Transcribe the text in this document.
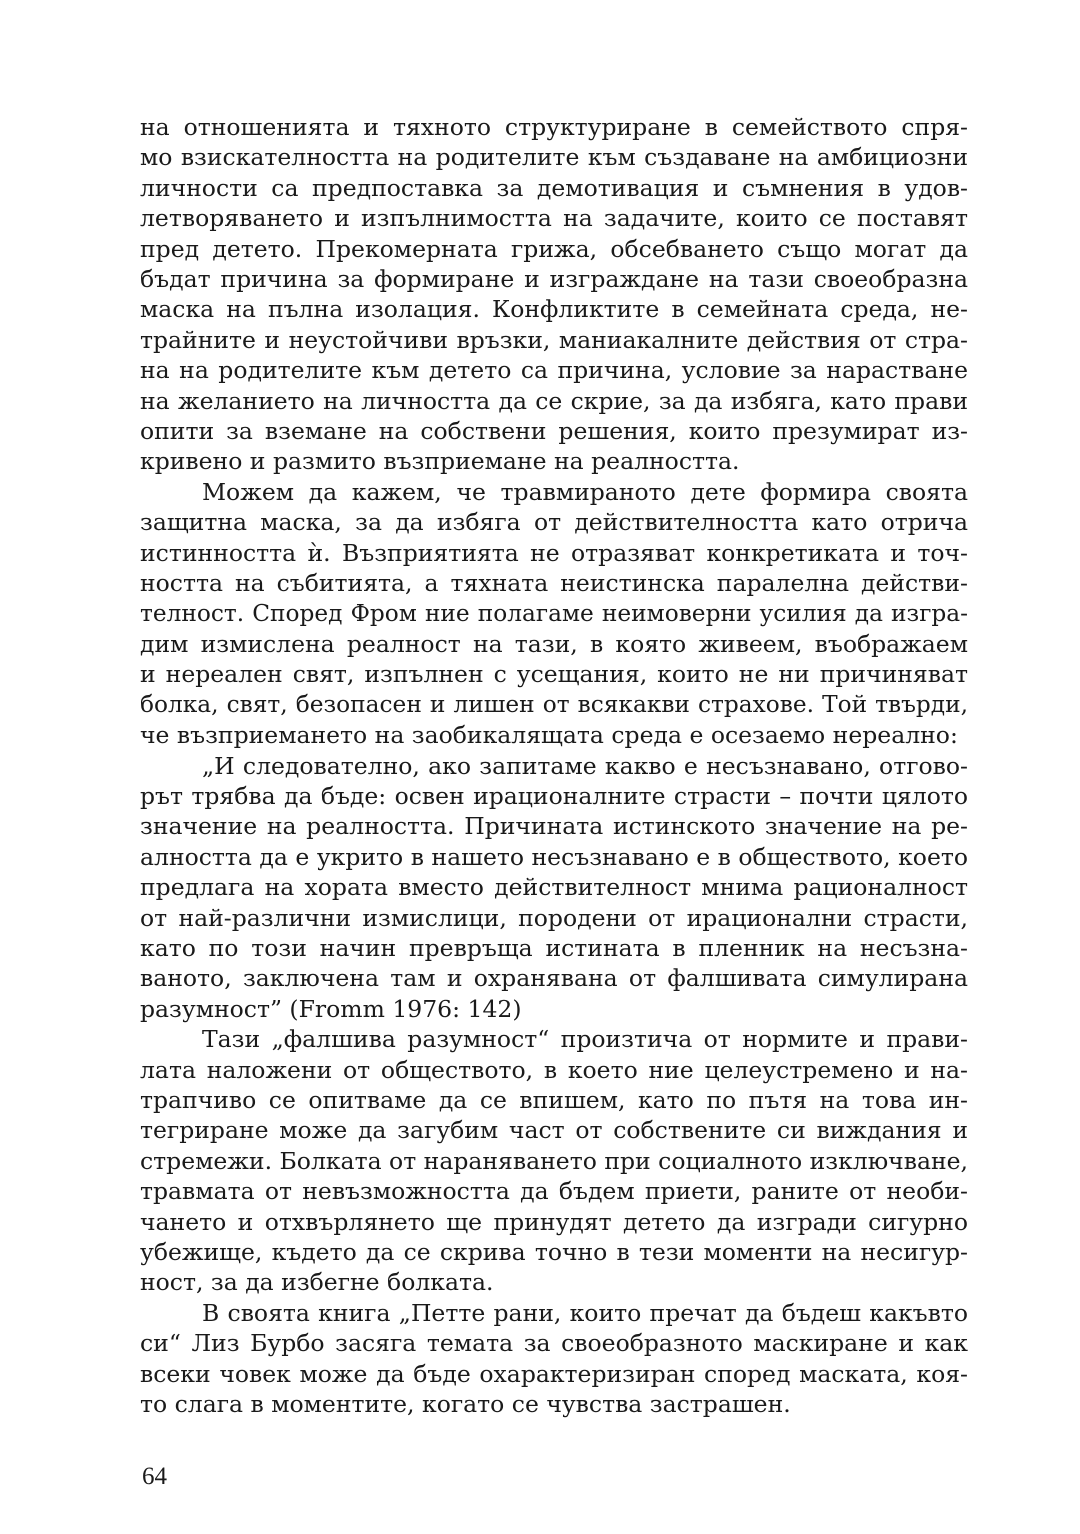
на отношенията и тяхното структуриране в семейството спря-
мо взискателността на родителите към създаване на амбициозни
личности са предпоставка за демотивация и съмнения в удов-
летворяването и изпълнимостта на задачите, които се поставят
пред детето. Прекомерната грижа, обсебването също могат да
бъдат причина за формиране и изграждане на тази своеобразна
маска на пълна изолация. Конфликтите в семейната среда, не-
трайните и неустойчиви връзки, маниакалните действия от стра-
на на родителите към детето са причина, условие за нарастване
на желанието на личността да се скрие, за да избяга, като прави
опити за вземане на собствени решения, които презумират из-
кривено и размито възприемане на реалността.

Можем да кажем, че травмираното дете формира своята
защитна маска, за да избяга от действителността като отрича
истинността ѝ. Възприятията не отразяват конкретиката и точ-
ността на събитията, а тяхната неистинска паралелна действи-
телност. Според Фром ние полагаме неимоверни усилия да изгра-
дим измислена реалност на тази, в която живеем, въображаем
и нереален свят, изпълнен с усещания, които не ни причиняват
болка, свят, безопасен и лишен от всякакви страхове. Той твърди,
че възприемането на заобикалящата среда е осезаемо нереално:

„И следователно, ако запитаме какво е несъзнавано, отгово-
рът трябва да бъде: освен ирационалните страсти – почти цялото
значение на реалността. Причината истинското значение на ре-
алността да е укрито в нашето несъзнавано е в обществото, което
предлага на хората вместо действителност мнима рационалност
от най-различни измислици, породени от ирационални страсти,
като по този начин превръща истината в пленник на несъзна-
ваното, заключена там и охранявана от фалшивата симулирана
разумност” (Fromm 1976: 142)

Тази „фалшива разумност“ произтича от нормите и прави-
лата наложени от обществото, в което ние целеустремено и на-
трапчиво се опитваме да се впишем, като по пътя на това ин-
тегриране може да загубим част от собствените си виждания и
стремежи. Болката от нараняването при социалното изключване,
травмата от невъзможността да бъдем приети, раните от необи-
чането и отхвърлянето ще принудят детето да изгради сигурно
убежище, където да се скрива точно в тези моменти на несигур-
ност, за да избегне болката.

В своята книга „Петте рани, които пречат да бъдеш какъвто
си“ Лиз Бурбо засяга темата за своеобразното маскиране и как
всеки човек може да бъде охарактеризиран според маската, коя-
то слага в моментите, когато се чувства застрашен.

64
